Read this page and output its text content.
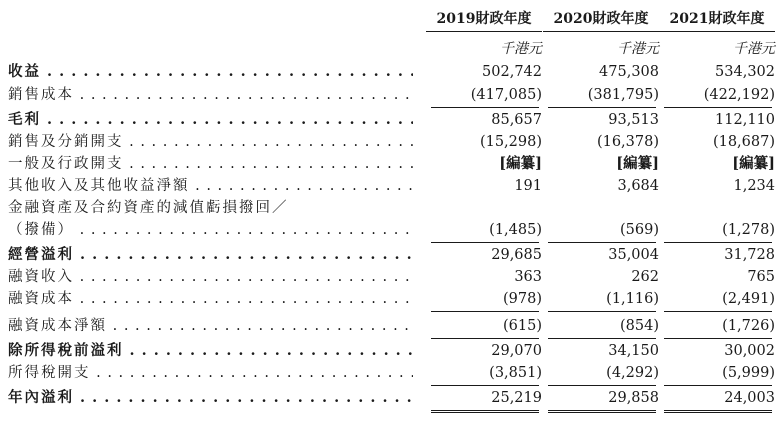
2019財政年度	2020財政年度	2021財政年度
千港元	千港元	千港元
收益 . . .	502,742	475,308	534,302
銷售成本 . . .	(417,085)	(381,795)	(422,192)
毛利 . . .	85,657	93,513	112,110
銷售及分銷開支 . . .	(15,298)	(16,378)	(18,687)
一般及行政開支 . . .	[編纂]	[編纂]	[編纂]
其他收入及其他收益淨額 . . .	191	3,684	1,234
金融資產及合約資產的減值虧損撥回／
（撥備） . . .	(1,485)	(569)	(1,278)
經營溢利 . . .	29,685	35,004	31,728
融資收入 . . .	363	262	765
融資成本 . . .	(978)	(1,116)	(2,491)
融資成本淨額 . . .	(615)	(854)	(1,726)
除所得稅前溢利 . . .	29,070	34,150	30,002
所得稅開支 . . .	(3,851)	(4,292)	(5,999)
年內溢利 . . .	25,219	29,858	24,003
